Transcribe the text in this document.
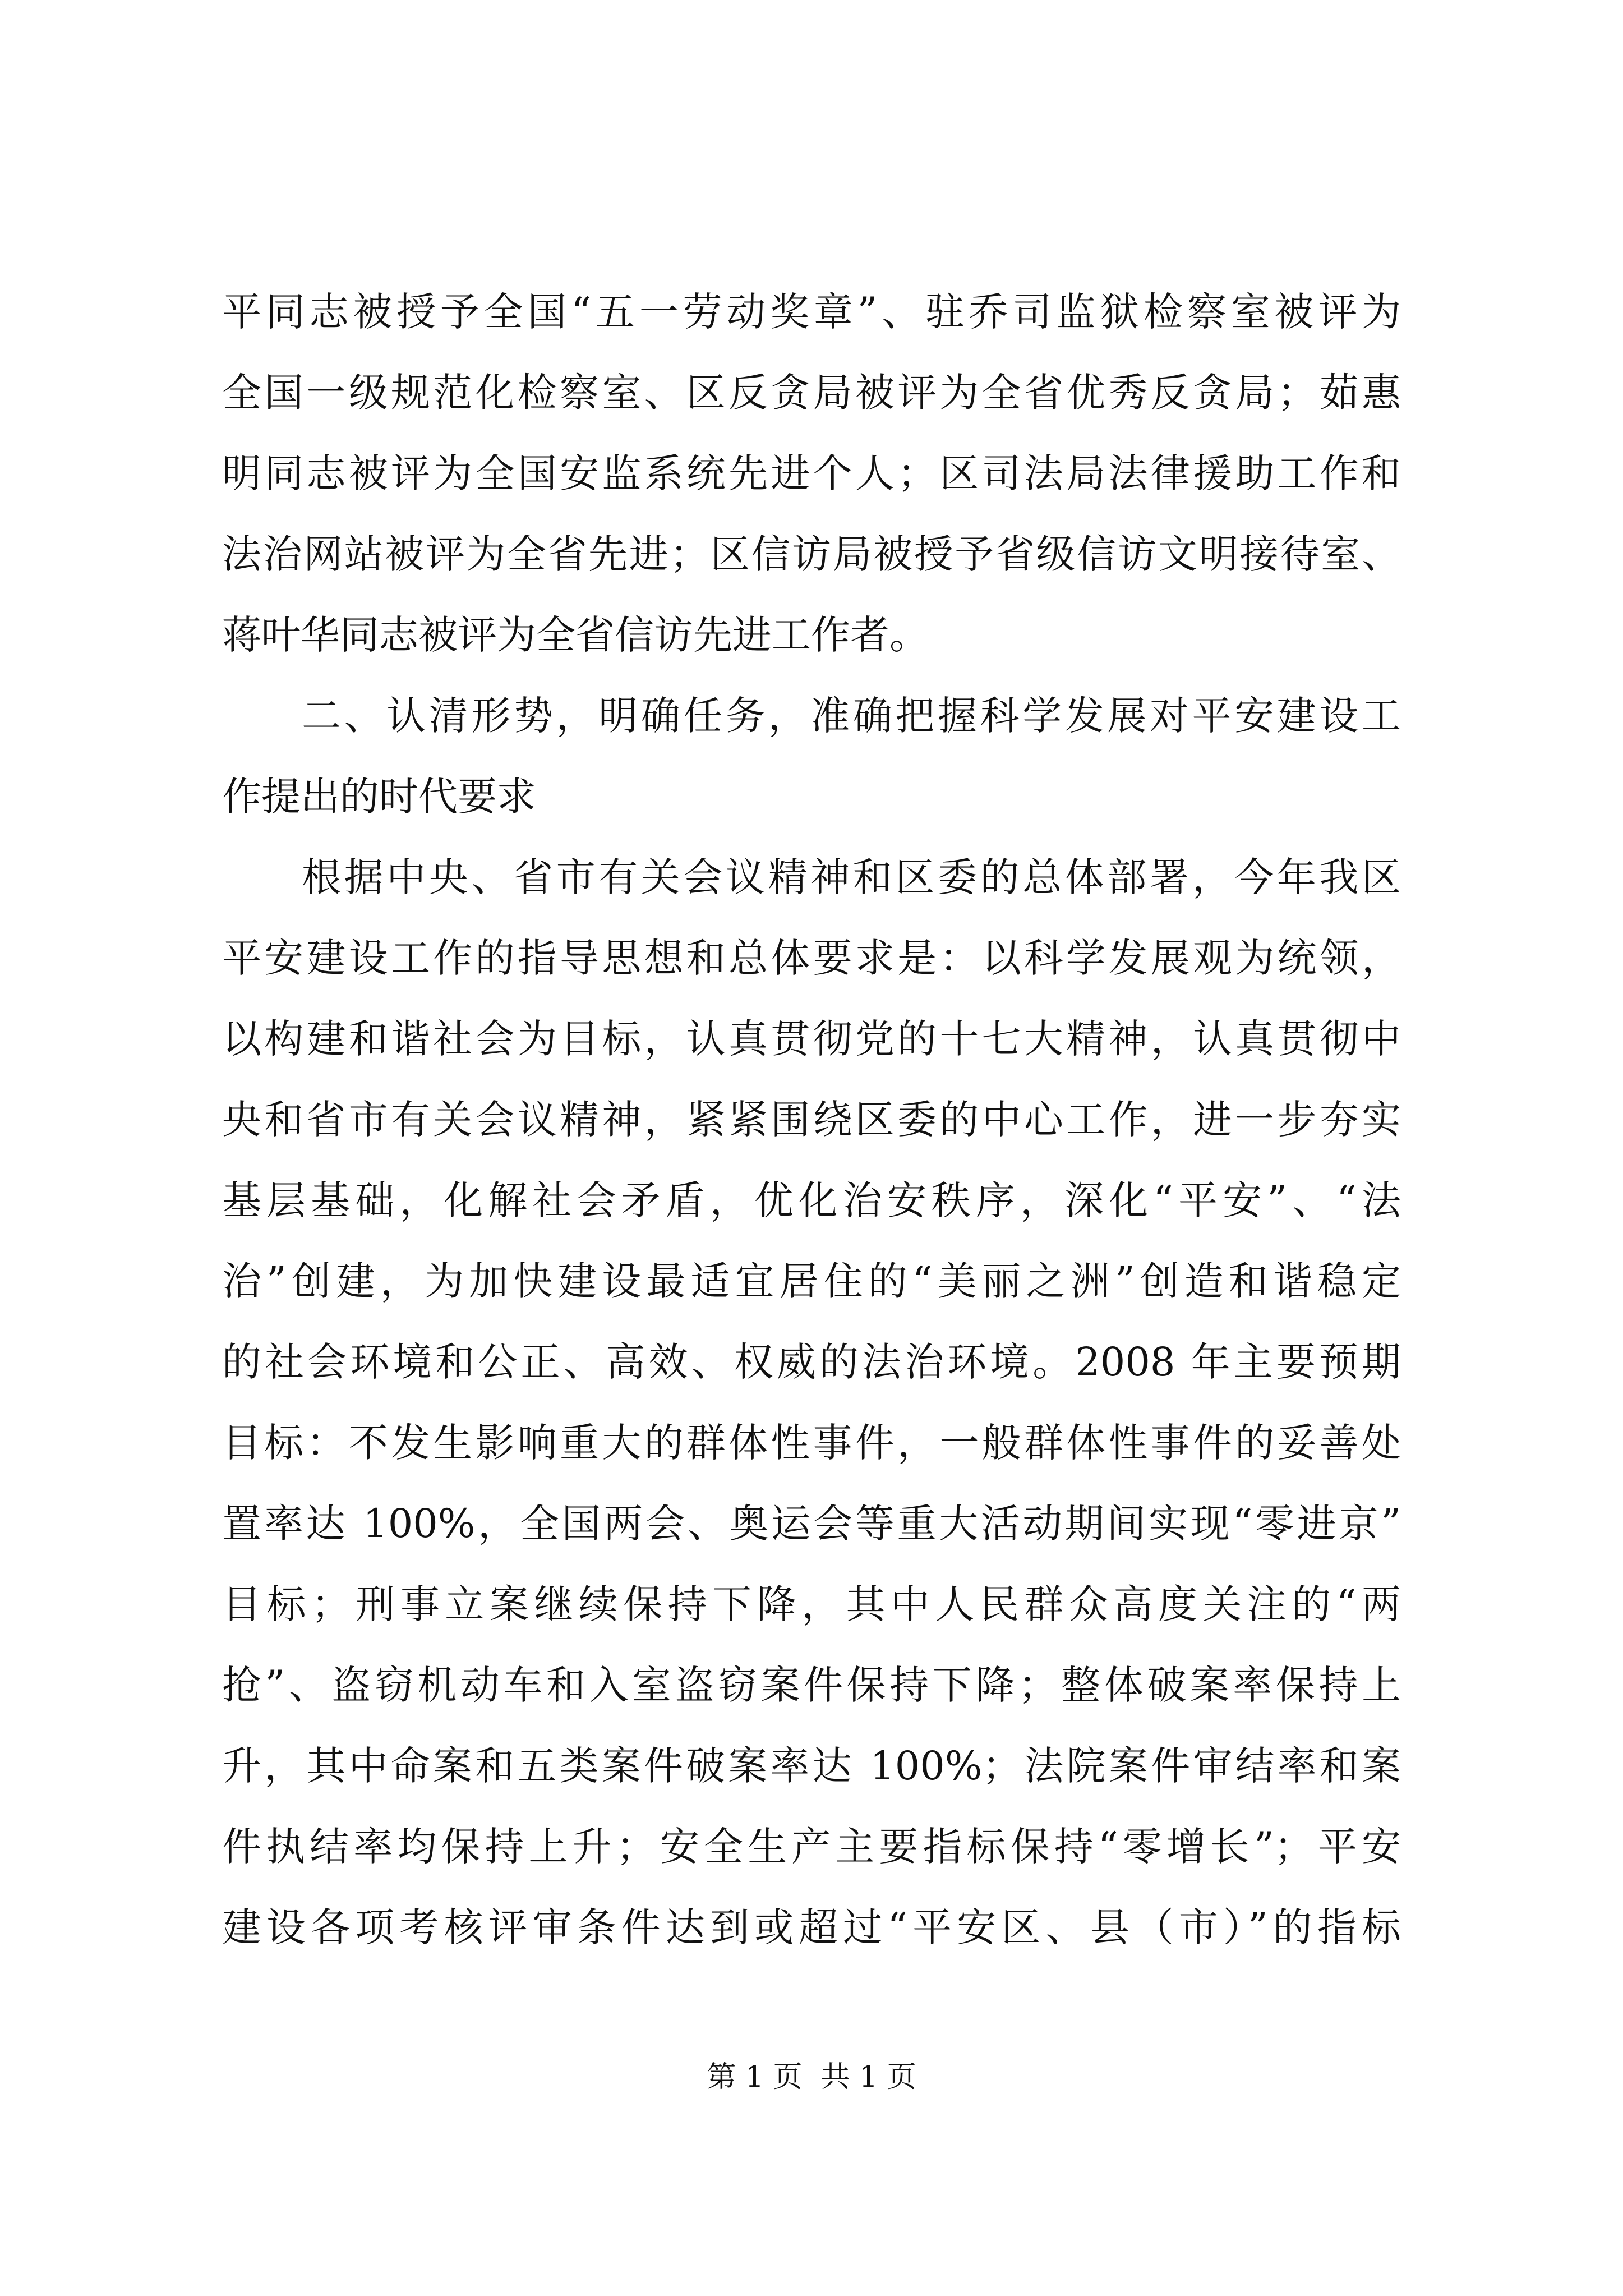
平同志被授予全国“五一劳动奖章”、驻乔司监狱检察室被评为
全国一级规范化检察室、区反贪局被评为全省优秀反贪局；茹惠
明同志被评为全国安监系统先进个人；区司法局法律援助工作和
法治网站被评为全省先进；区信访局被授予省级信访文明接待室、
蒋叶华同志被评为全省信访先进工作者。
二、认清形势，明确任务，准确把握科学发展对平安建设工
作提出的时代要求
根据中央、省市有关会议精神和区委的总体部署，今年我区
平安建设工作的指导思想和总体要求是：以科学发展观为统领，
以构建和谐社会为目标，认真贯彻党的十七大精神，认真贯彻中
央和省市有关会议精神，紧紧围绕区委的中心工作，进一步夯实
基层基础，化解社会矛盾，优化治安秩序，深化“平安”、“法
治”创建，为加快建设最适宜居住的“美丽之洲”创造和谐稳定
的社会环境和公正、高效、权威的法治环境。2008 年主要预期
目标：不发生影响重大的群体性事件，一般群体性事件的妥善处
置率达 100%，全国两会、奥运会等重大活动期间实现“零进京”
目标；刑事立案继续保持下降，其中人民群众高度关注的“两
抢”、盗窃机动车和入室盗窃案件保持下降；整体破案率保持上
升，其中命案和五类案件破案率达 100%；法院案件审结率和案
件执结率均保持上升；安全生产主要指标保持“零增长”；平安
建设各项考核评审条件达到或超过“平安区、县（市）”的指标
第 1 页  共 1 页
